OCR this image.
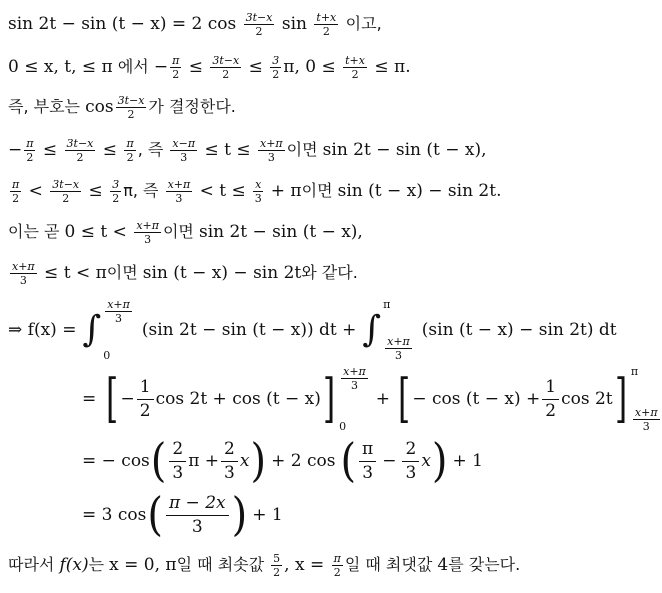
sin 2t − sin (t − x) = 2 $\cos \frac{3t-x}{2}$ $\sin \frac{t+x}{2}$ 이고,
0 ≤ x, t, ≤ π 에서 − $\frac{\pi}{2} \le \frac{3t-x}{2} \le \frac{3}{2} \pi$, $0 \le \frac{t+x}{2} \le \pi$.
즉, 부호는 $\cos \frac{3t-x}{2}$ 가 결정한다.
− $\frac{\pi}{2} \le \frac{3t-x}{2} \le \frac{\pi}{2}$ , 즉 $\frac{x-\pi}{3} \le t \le \frac{x+\pi}{3}$ 이면 sin 2t − sin (t − x),
$\frac{\pi}{2} < \frac{3t-x}{2} \le \frac{3}{2} \pi$, 즉 $\frac{x+\pi}{3} < t \le \frac{x}{3} + \pi$이면 sin (t − x) − sin 2t.
이는 곧 $0 \le t < \frac{x+\pi}{3}$ 이면 sin 2t − sin (t − x),
$\frac{x+\pi}{3} \le t < \pi$이면 sin (t − x) − sin 2t와 같다.
⇒ f(x) = ∫ $\frac{x+\pi}{3}$
0
(sin 2t − sin (t − x)) dt + ∫
π
$\frac{x+\pi}{3}$
(sin (t − x) − sin 2t) dt
= [ − $\frac{1}{2}$ cos 2t + cos (t − x) ] $\frac{x+\pi}{3}$
0
+ [ − $\cos (t - x) + \frac{1}{2}$ cos 2t ] π
$\frac{x+\pi}{3}$
= − cos ( $\frac{2}{3}$ $\pi + \frac{2}{3}$ x ) + 2 cos ( $\frac{\pi}{3} - \frac{2}{3}$ x ) + 1
= 3 cos ( $\frac{\pi - 2x}{3}$ ) + 1
따라서 f(x)는 x = 0, π일 때 최솟값 $\frac{5}{2}$ , $x = \frac{\pi}{2}$ 일 때 최댓값 4를 갖는다.
